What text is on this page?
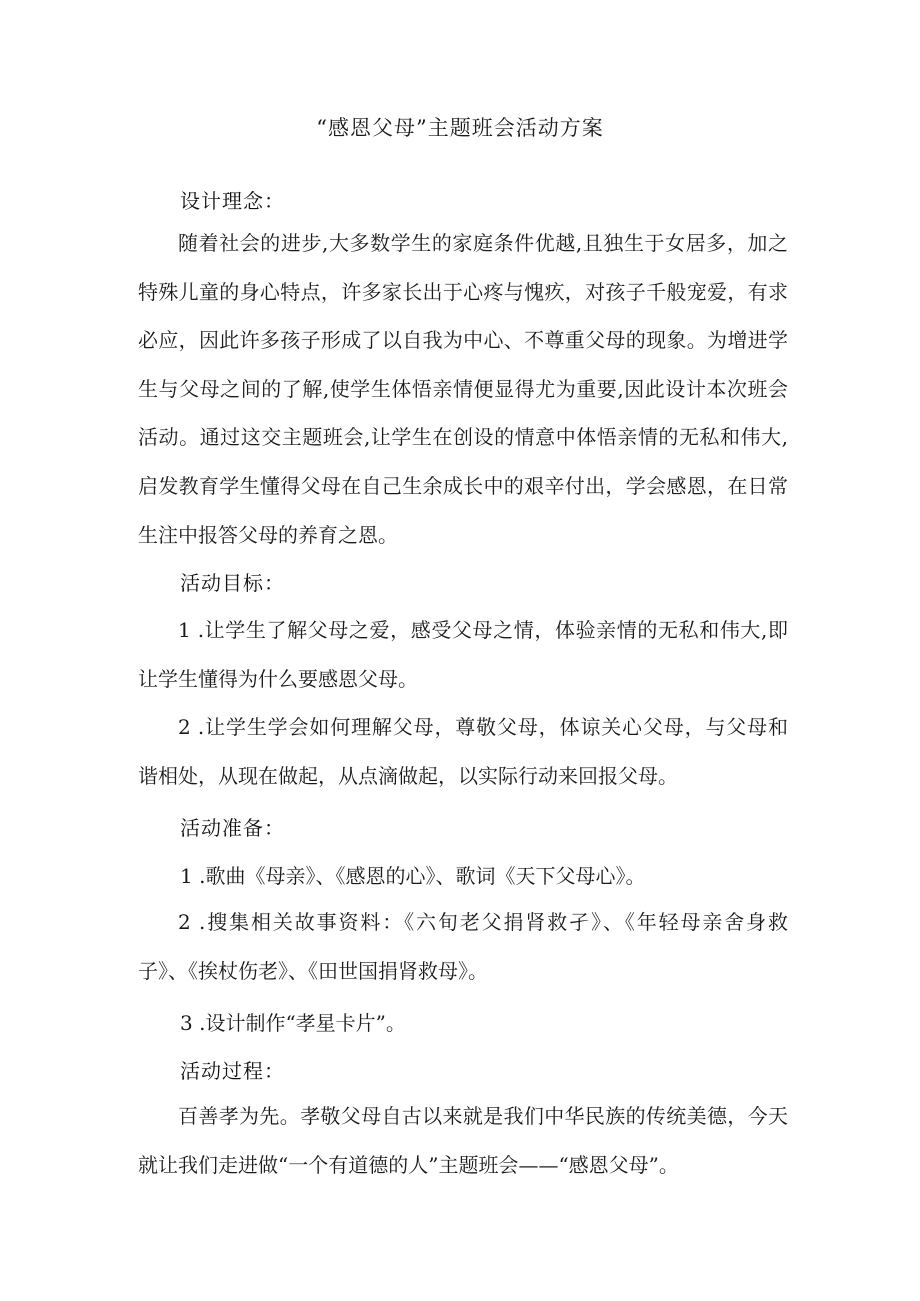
“感恩父母”主题班会活动方案
设计理念：
随着社会的进步,大多数学生的家庭条件优越,且独生于女居多，加之
特殊儿童的身心特点，许多家长出于心疼与愧疚，对孩子千般宠爱，有求
必应，因此许多孩子形成了以自我为中心、不尊重父母的现象。为增进学
生与父母之间的了解,使学生体悟亲情便显得尤为重要,因此设计本次班会
活动。通过这交主题班会,让学生在创设的情意中体悟亲情的无私和伟大,
启发教育学生懂得父母在自己生余成长中的艰辛付出，学会感恩，在日常
生注中报答父母的养育之恩。
活动目标：
1 .让学生了解父母之爱，感受父母之情，体验亲情的无私和伟大,即
让学生懂得为什么要感恩父母。
2 .让学生学会如何理解父母，尊敬父母，体谅关心父母，与父母和
谐相处，从现在做起，从点滴做起，以实际行动来回报父母。
活动准备：
1 .歌曲《母亲》、《感恩的心》、歌词《天下父母心》。
2 .搜集相关故事资料：《六旬老父捐肾救孑》、《年轻母亲舍身救
子》、《挨杖伤老》、《田世国捐肾救母》。
3 .设计制作“孝星卡片”。
活动过程：
百善孝为先。孝敬父母自古以来就是我们中华民族的传统美德，今天
就让我们走进做“一个有道德的人”主题班会——“感恩父母”。
